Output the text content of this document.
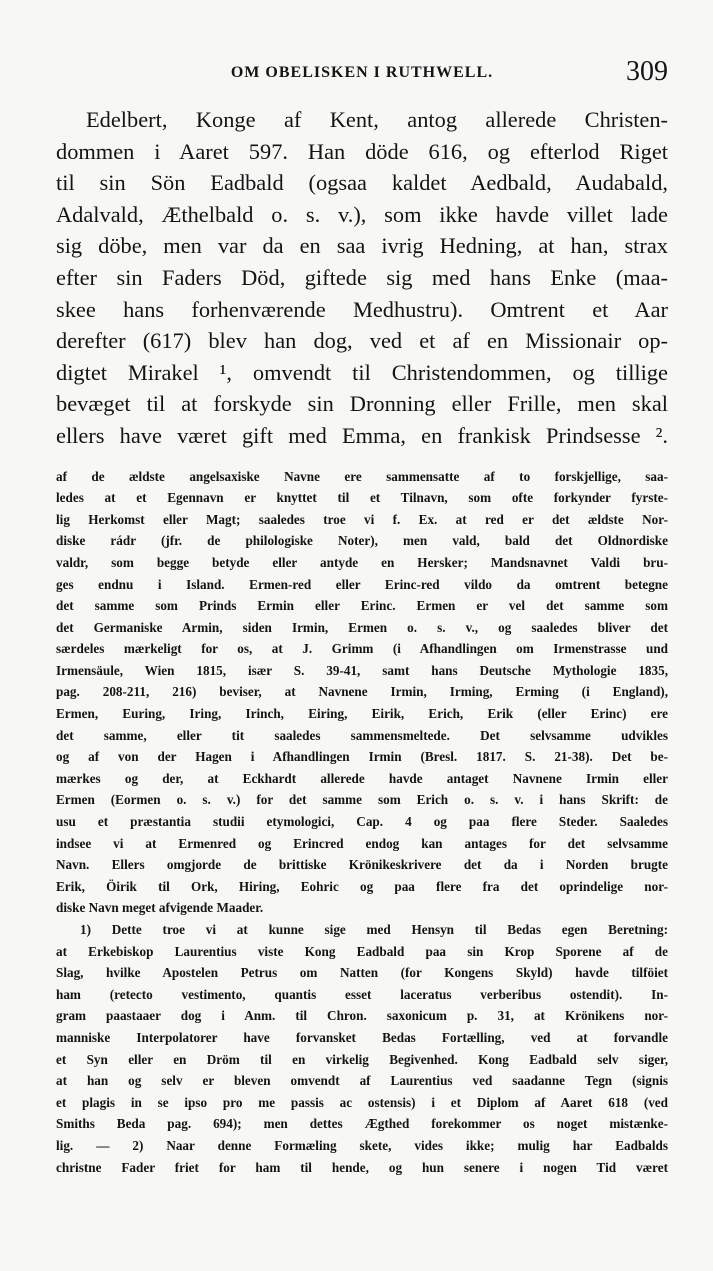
OM OBELISKEN I RUTHWELL.	309
Edelbert, Konge af Kent, antog allerede Christen-
dommen i Aaret 597. Han döde 616, og efterlod Riget
til sin Sön Eadbald (ogsaa kaldet Aedbald, Audabald,
Adalvald, Æthelbald o. s. v.), som ikke havde villet lade
sig döbe, men var da en saa ivrig Hedning, at han, strax
efter sin Faders Död, giftede sig med hans Enke (maa-
skee hans forhenværende Medhustru). Omtrent et Aar
derefter (617) blev han dog, ved et af en Missionair op-
digtet Mirakel ¹, omvendt til Christendommen, og tillige
bevæget til at forskyde sin Dronning eller Frille, men skal
ellers have været gift med Emma, en frankisk Prindsesse ².
af de ældste angelsaxiske Navne ere sammensatte af to forskjellige, saa-
ledes at et Egennavn er knyttet til et Tilnavn, som ofte forkynder fyrste-
lig Herkomst eller Magt; saaledes troe vi f. Ex. at red er det ældste Nor-
diske rádr (jfr. de philologiske Noter), men vald, bald det Oldnordiske
valdr, som begge betyde eller antyde en Hersker; Mandsnavnet Valdi bru-
ges endnu i Island. Ermen-red eller Erinc-red vildo da omtrent betegne
det samme som Prinds Ermin eller Erinc. Ermen er vel det samme som
det Germaniske Armin, siden Irmin, Ermen o. s. v., og saaledes bliver det
særdeles mærkeligt for os, at J. Grimm (i Afhandlingen om Irmenstrasse und
Irmensäule, Wien 1815, især S. 39-41, samt hans Deutsche Mythologie 1835,
pag. 208-211, 216) beviser, at Navnene Irmin, Irming, Erming (i England),
Ermen, Euring, Iring, Irinch, Eiring, Eirik, Erich, Erik (eller Erinc) ere
det samme, eller tit saaledes sammensmeltede. Det selvsamme udvikles
og af von der Hagen i Afhandlingen Irmin (Bresl. 1817. S. 21-38). Det be-
mærkes og der, at Eckhardt allerede havde antaget Navnene Irmin eller
Ermen (Eormen o. s. v.) for det samme som Erich o. s. v. i hans Skrift: de
usu et præstantia studii etymologici, Cap. 4 og paa flere Steder. Saaledes
indsee vi at Ermenred og Erincred endog kan antages for det selvsamme
Navn. Ellers omgjorde de brittiske Krönikeskrivere det da i Norden brugte
Erik, Öirik til Ork, Hiring, Eohric og paa flere fra det oprindelige nor-
diske Navn meget afvigende Maader.
1) Dette troe vi at kunne sige med Hensyn til Bedas egen Beretning:
at Erkebiskop Laurentius viste Kong Eadbald paa sin Krop Sporene af de
Slag, hvilke Apostelen Petrus om Natten (for Kongens Skyld) havde tilföiet
ham (retecto vestimento, quantis esset laceratus verberibus ostendit). In-
gram paastaaer dog i Anm. til Chron. saxonicum p. 31, at Krönikens nor-
manniske Interpolatorer have forvansket Bedas Fortælling, ved at forvandle
et Syn eller en Dröm til en virkelig Begivenhed. Kong Eadbald selv siger,
at han og selv er bleven omvendt af Laurentius ved saadanne Tegn (signis
et plagis in se ipso pro me passis ac ostensis) i et Diplom af Aaret 618 (ved
Smiths Beda pag. 694); men dettes Ægthed forekommer os noget mistænke-
lig. — 2) Naar denne Formæling skete, vides ikke; mulig har Eadbalds
christne Fader friet for ham til hende, og hun senere i nogen Tid været
